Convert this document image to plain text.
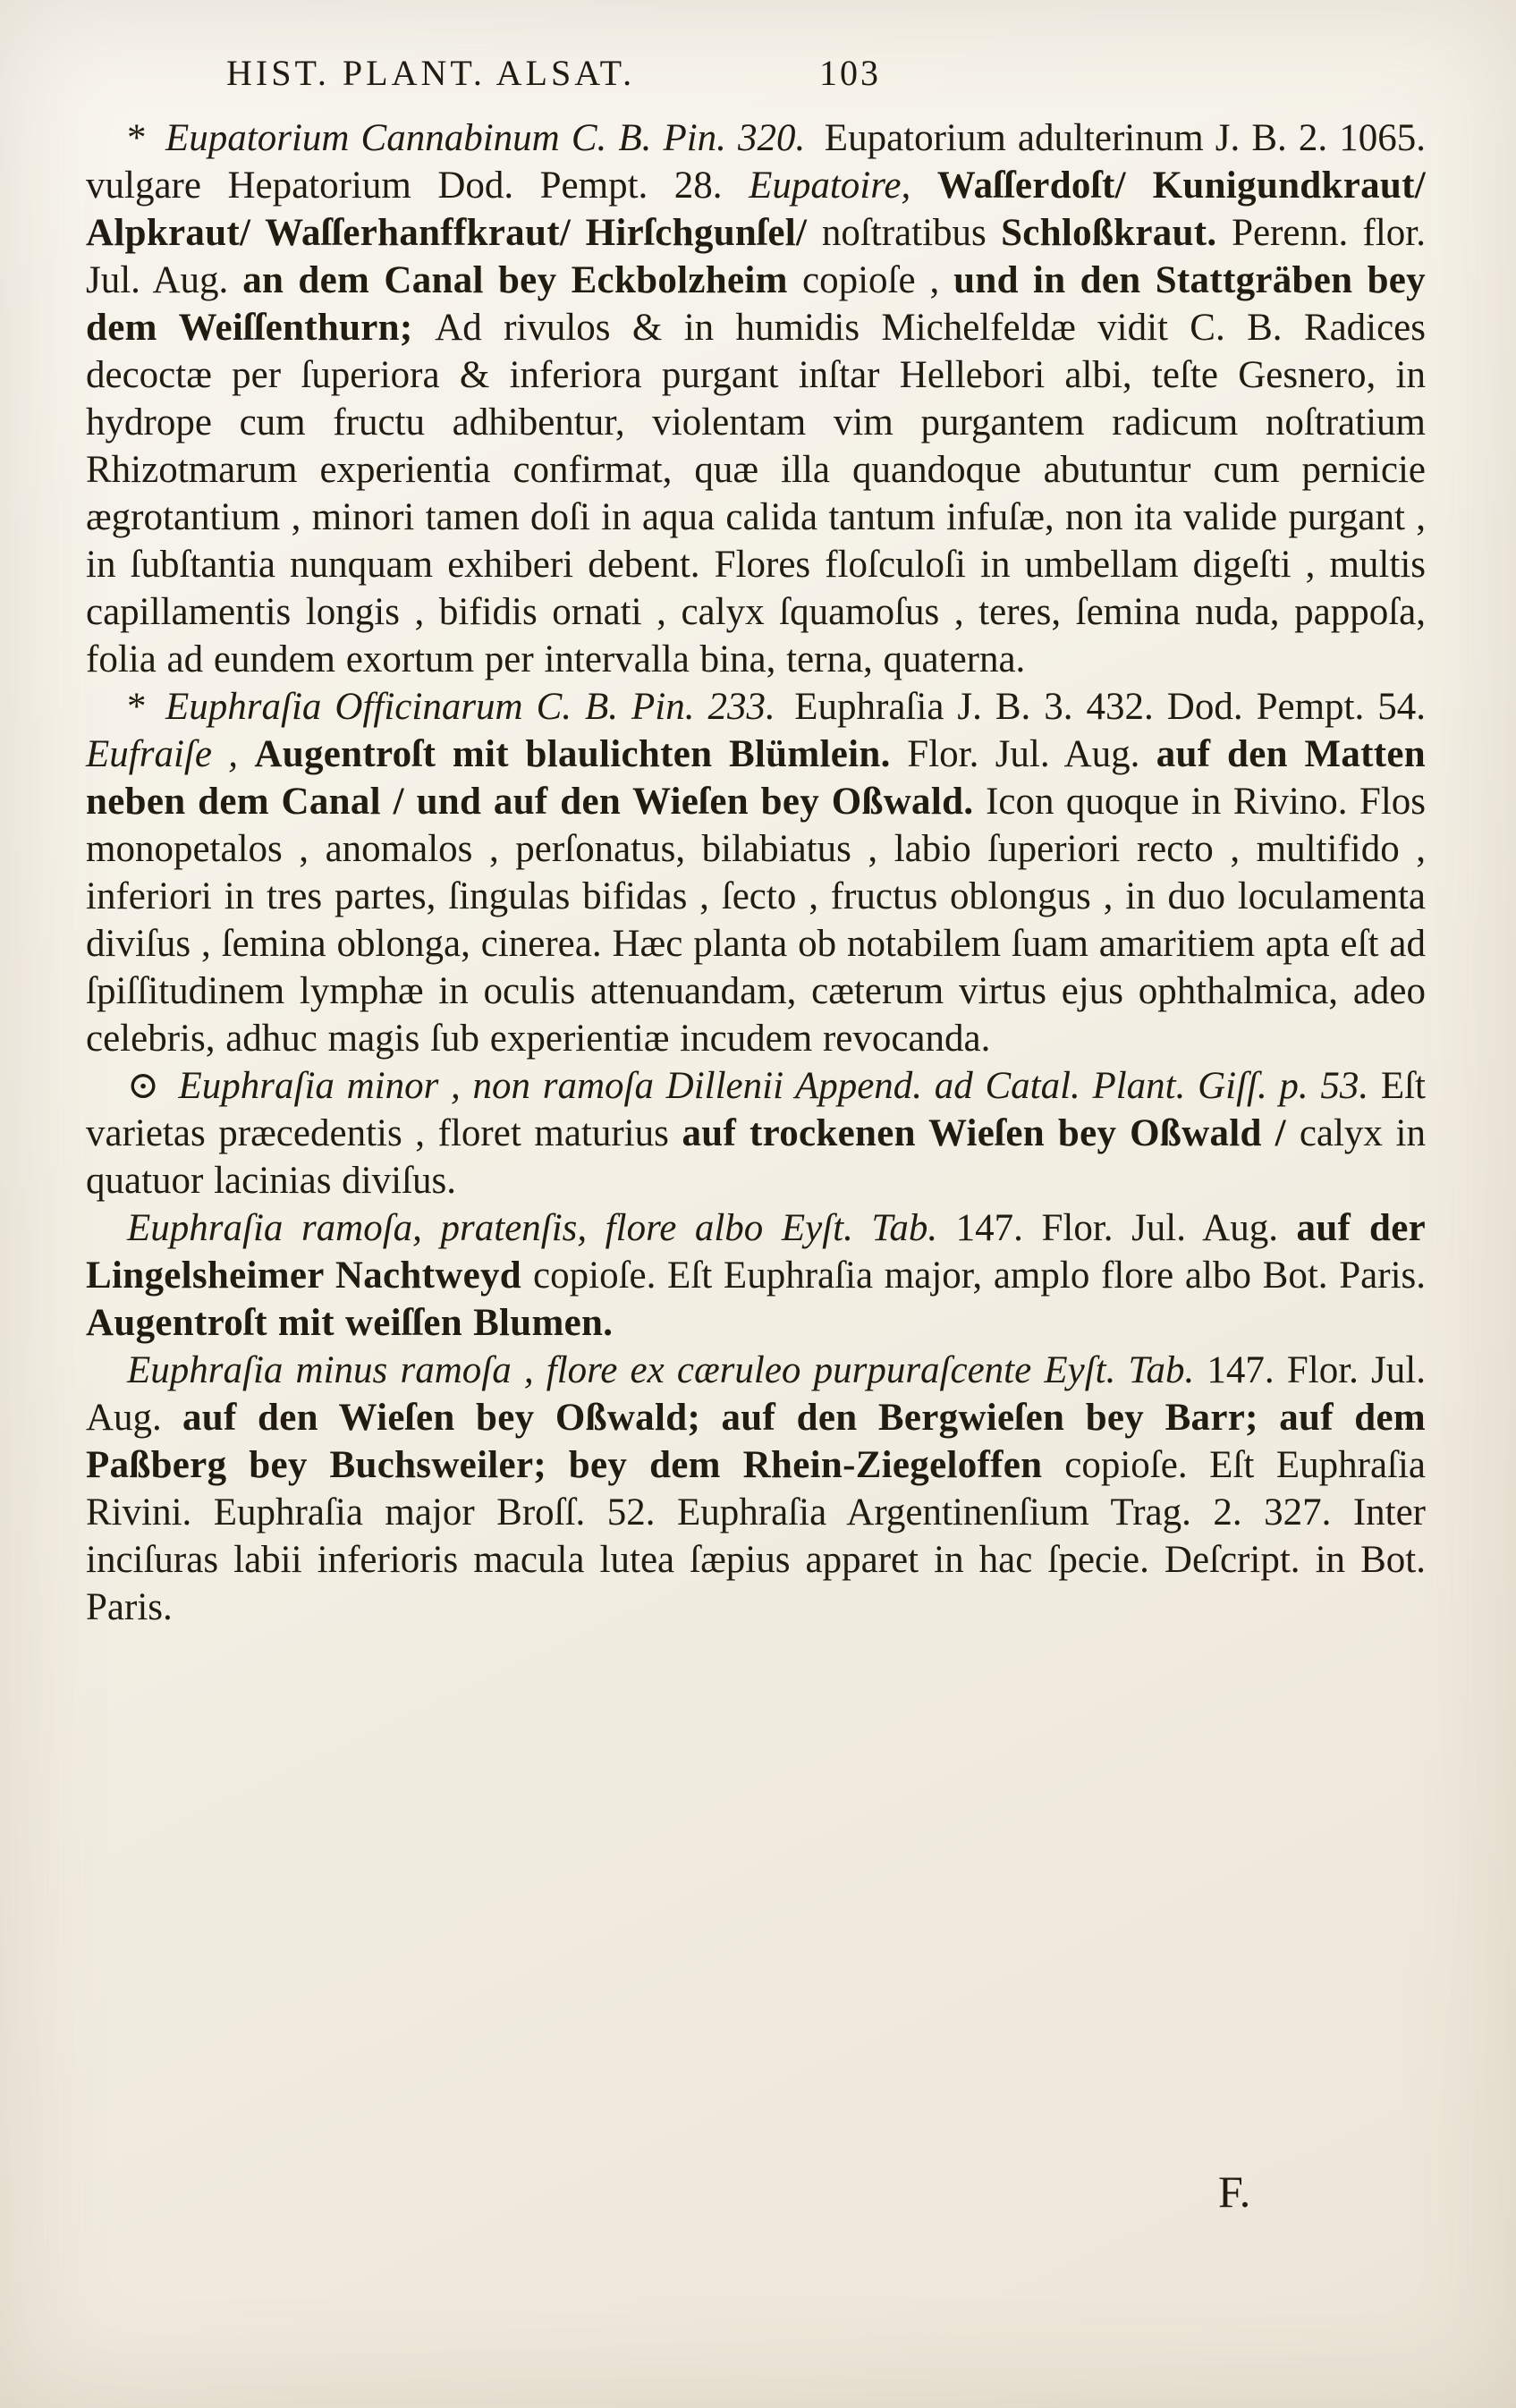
HIST. PLANT. ALSAT.	103

* Eupatorium Cannabinum C. B. Pin. 320. Eupatorium adulterinum J. B. 2. 1065. vulgare Hepatorium Dod. Pempt. 28. Eupatoire, Waſſerdoſt/ Kunigundkraut/ Alpkraut/ Waſſerhanffkraut/ Hirſchgunſel/ noſtratibus Schloßkraut. Perenn. flor. Jul. Aug. an dem Canal bey Eckbolzheim copioſe , und in den Stattgräben bey dem Weiſſenthurn; Ad rivulos & in humidis Michelfeldæ vidit C. B. Radices decoctæ per ſuperiora & inferiora purgant inſtar Hellebori albi, teſte Gesnero, in hydrope cum fructu adhibentur, violentam vim purgantem radicum noſtratium Rhizotmarum experientia confirmat, quæ illa quandoque abutuntur cum pernicie ægrotantium , minori tamen doſi in aqua calida tantum infuſæ, non ita valide purgant , in ſubſtantia nunquam exhiberi debent. Flores floſculoſi in umbellam digeſti , multis capillamentis longis , bifidis ornati , calyx ſquamoſus , teres, ſemina nuda, pappoſa, folia ad eundem exortum per intervalla bina, terna, quaterna.

* Euphraſia Officinarum C. B. Pin. 233. Euphraſia J. B. 3. 432. Dod. Pempt. 54. Eufraiſe , Augentroſt mit blaulichten Blümlein. Flor. Jul. Aug. auf den Matten neben dem Canal / und auf den Wieſen bey Oßwald. Icon quoque in Rivino. Flos monopetalos , anomalos , perſonatus, bilabiatus , labio ſuperiori recto , multifido , inferiori in tres partes, ſingulas bifidas , ſecto , fructus oblongus , in duo loculamenta diviſus , ſemina oblonga, cinerea. Hæc planta ob notabilem ſuam amaritiem apta eſt ad ſpiſſitudinem lymphæ in oculis attenuandam, cæterum virtus ejus ophthalmica, adeo celebris, adhuc magis ſub experientiæ incudem revocanda.

⊙ Euphraſia minor , non ramoſa Dillenii Append. ad Catal. Plant. Giſſ. p. 53. Eſt varietas præcedentis , floret maturius auf trockenen Wieſen bey Oßwald / calyx in quatuor lacinias diviſus.

Euphraſia ramoſa, pratenſis, flore albo Eyſt. Tab. 147. Flor. Jul. Aug. auf der Lingelsheimer Nachtweyd copioſe. Eſt Euphraſia major, amplo flore albo Bot. Paris. Augentroſt mit weiſſen Blumen.

Euphraſia minus ramoſa , flore ex cæruleo purpuraſcente Eyſt. Tab. 147. Flor. Jul. Aug. auf den Wieſen bey Oßwald; auf den Bergwieſen bey Barr; auf dem Paßberg bey Buchsweiler; bey dem Rhein-Ziegeloffen copioſe. Eſt Euphraſia Rivini. Euphraſia major Broſſ. 52. Euphraſia Argentinenſium Trag. 2. 327. Inter inciſuras labii inferioris macula lutea ſæpius apparet in hac ſpecie. Deſcript. in Bot. Paris.

F.
